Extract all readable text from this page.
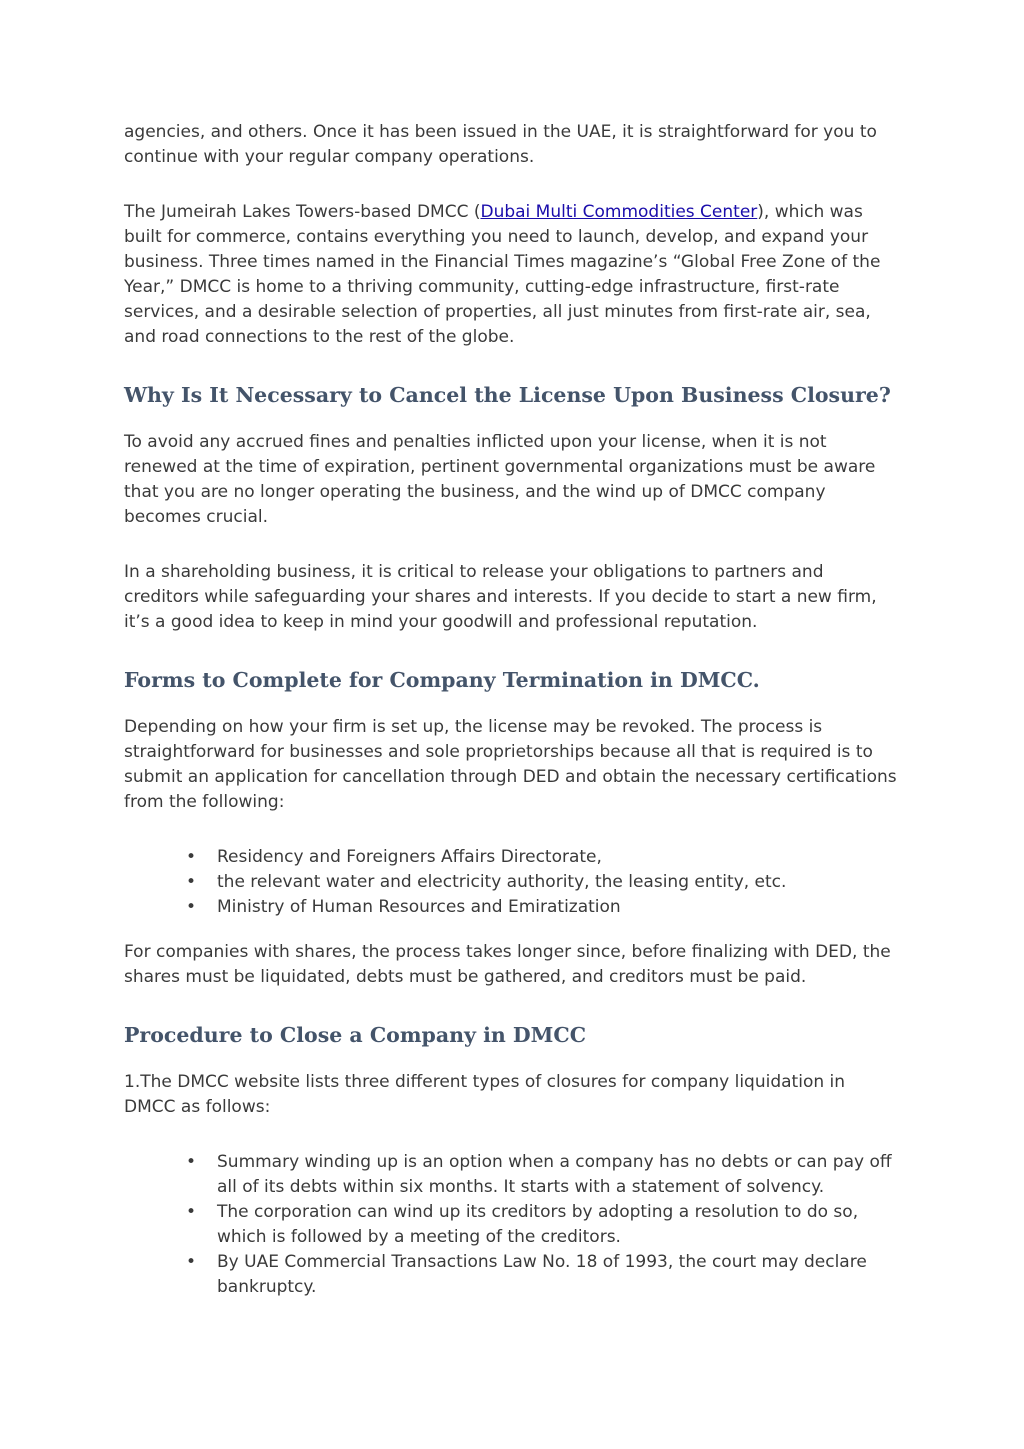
agencies, and others. Once it has been issued in the UAE, it is straightforward for you to continue with your regular company operations.

The Jumeirah Lakes Towers-based DMCC (Dubai Multi Commodities Center), which was built for commerce, contains everything you need to launch, develop, and expand your business. Three times named in the Financial Times magazine’s “Global Free Zone of the Year,” DMCC is home to a thriving community, cutting-edge infrastructure, first-rate services, and a desirable selection of properties, all just minutes from first-rate air, sea, and road connections to the rest of the globe.

Why Is It Necessary to Cancel the License Upon Business Closure?

To avoid any accrued fines and penalties inflicted upon your license, when it is not renewed at the time of expiration, pertinent governmental organizations must be aware that you are no longer operating the business, and the wind up of DMCC company becomes crucial.

In a shareholding business, it is critical to release your obligations to partners and creditors while safeguarding your shares and interests. If you decide to start a new firm, it’s a good idea to keep in mind your goodwill and professional reputation.

Forms to Complete for Company Termination in DMCC.

Depending on how your firm is set up, the license may be revoked. The process is straightforward for businesses and sole proprietorships because all that is required is to submit an application for cancellation through DED and obtain the necessary certifications from the following:

• Residency and Foreigners Affairs Directorate,
• the relevant water and electricity authority, the leasing entity, etc.
• Ministry of Human Resources and Emiratization

For companies with shares, the process takes longer since, before finalizing with DED, the shares must be liquidated, debts must be gathered, and creditors must be paid.

Procedure to Close a Company in DMCC

1.The DMCC website lists three different types of closures for company liquidation in DMCC as follows:

• Summary winding up is an option when a company has no debts or can pay off all of its debts within six months. It starts with a statement of solvency.
• The corporation can wind up its creditors by adopting a resolution to do so, which is followed by a meeting of the creditors.
• By UAE Commercial Transactions Law No. 18 of 1993, the court may declare bankruptcy.
